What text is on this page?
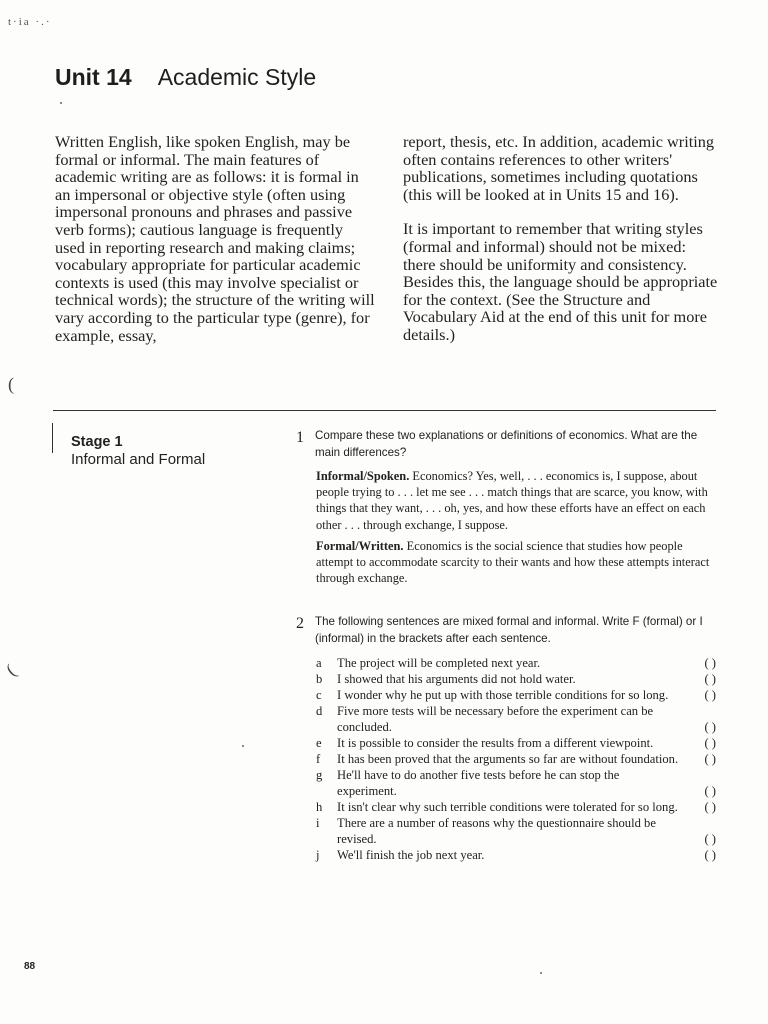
t·ia ·.·
Unit 14 Academic Style

Written English, like spoken English, may be formal or informal. The main features of academic writing are as follows: it is formal in an impersonal or objective style (often using impersonal pronouns and phrases and passive verb forms); cautious language is frequently used in reporting research and making claims; vocabulary appropriate for particular academic contexts is used (this may involve specialist or technical words); the structure of the writing will vary according to the particular type (genre), for example, essay,

report, thesis, etc. In addition, academic writing often contains references to other writers' publications, sometimes including quotations (this will be looked at in Units 15 and 16).

It is important to remember that writing styles (formal and informal) should not be mixed: there should be uniformity and consistency. Besides this, the language should be appropriate for the context. (See the Structure and Vocabulary Aid at the end of this unit for more details.)

(
(
Stage 1
Informal and Formal
1 Compare these two explanations or definitions of economics. What are the main differences?

Informal/Spoken. Economics? Yes, well, . . . economics is, I suppose, about people trying to . . . let me see . . . match things that are scarce, you know, with things that they want, . . . oh, yes, and how these efforts have an effect on each other . . . through exchange, I suppose.

Formal/Written. Economics is the social science that studies how people attempt to accommodate scarcity to their wants and how these attempts interact through exchange.

2 The following sentences are mixed formal and informal. Write F (formal) or I (informal) in the brackets after each sentence.
a	The project will be completed next year.	( )
b	I showed that his arguments did not hold water.	( )
c	I wonder why he put up with those terrible conditions for so long.	( )
d	Five more tests will be necessary before the experiment can be concluded.	( )
e	It is possible to consider the results from a different viewpoint.	( )
f	It has been proved that the arguments so far are without foundation.	( )
g	He'll have to do another five tests before he can stop the experiment.	( )
h	It isn't clear why such terrible conditions were tolerated for so long.	( )
i	There are a number of reasons why the questionnaire should be revised.	( )
j	We'll finish the job next year.	( )
88
